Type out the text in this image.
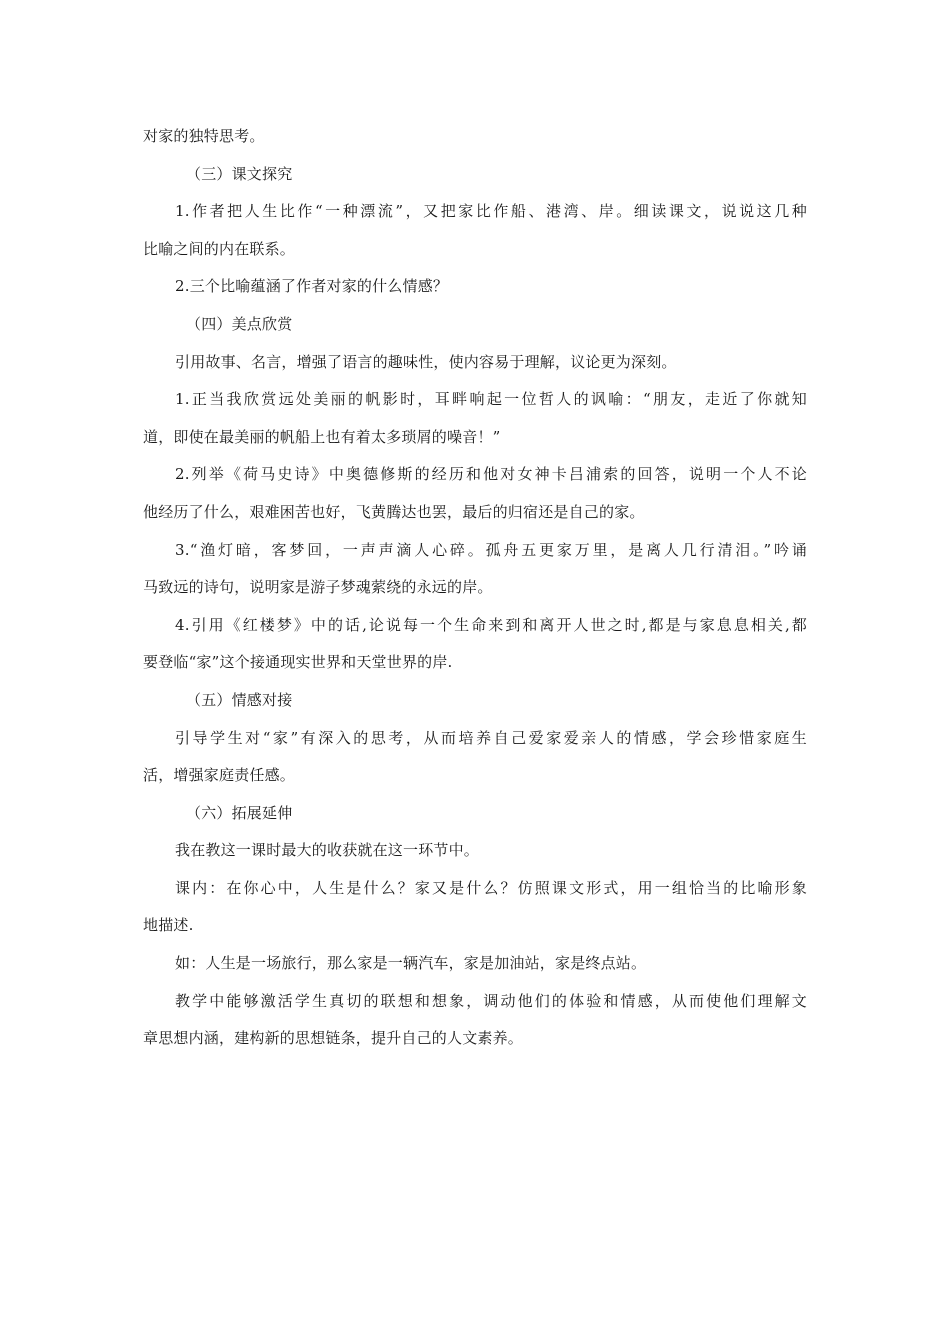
对家的独特思考。
（三）课文探究
1.作者把人生比作“一种漂流”，又把家比作船、港湾、岸。细读课文，说说这几种
比喻之间的内在联系。
2.三个比喻蕴涵了作者对家的什么情感？
（四）美点欣赏
引用故事、名言，增强了语言的趣味性，使内容易于理解，议论更为深刻。
1.正当我欣赏远处美丽的帆影时，耳畔响起一位哲人的讽喻：“朋友，走近了你就知
道，即使在最美丽的帆船上也有着太多琐屑的噪音！”
2.列举《荷马史诗》中奥德修斯的经历和他对女神卡吕浦索的回答，说明一个人不论
他经历了什么，艰难困苦也好，飞黄腾达也罢，最后的归宿还是自己的家。
3.“渔灯暗，客梦回，一声声滴人心碎。孤舟五更家万里，是离人几行清泪。”吟诵
马致远的诗句，说明家是游子梦魂萦绕的永远的岸。
4.引用《红楼梦》中的话,论说每一个生命来到和离开人世之时,都是与家息息相关,都
要登临“家”这个接通现实世界和天堂世界的岸.
（五）情感对接
引导学生对“家”有深入的思考，从而培养自己爱家爱亲人的情感，学会珍惜家庭生
活，增强家庭责任感。
（六）拓展延伸
我在教这一课时最大的收获就在这一环节中。
课内：在你心中，人生是什么？家又是什么？仿照课文形式，用一组恰当的比喻形象
地描述.
如：人生是一场旅行，那么家是一辆汽车，家是加油站，家是终点站。
教学中能够激活学生真切的联想和想象，调动他们的体验和情感，从而使他们理解文
章思想内涵，建构新的思想链条，提升自己的人文素养。
